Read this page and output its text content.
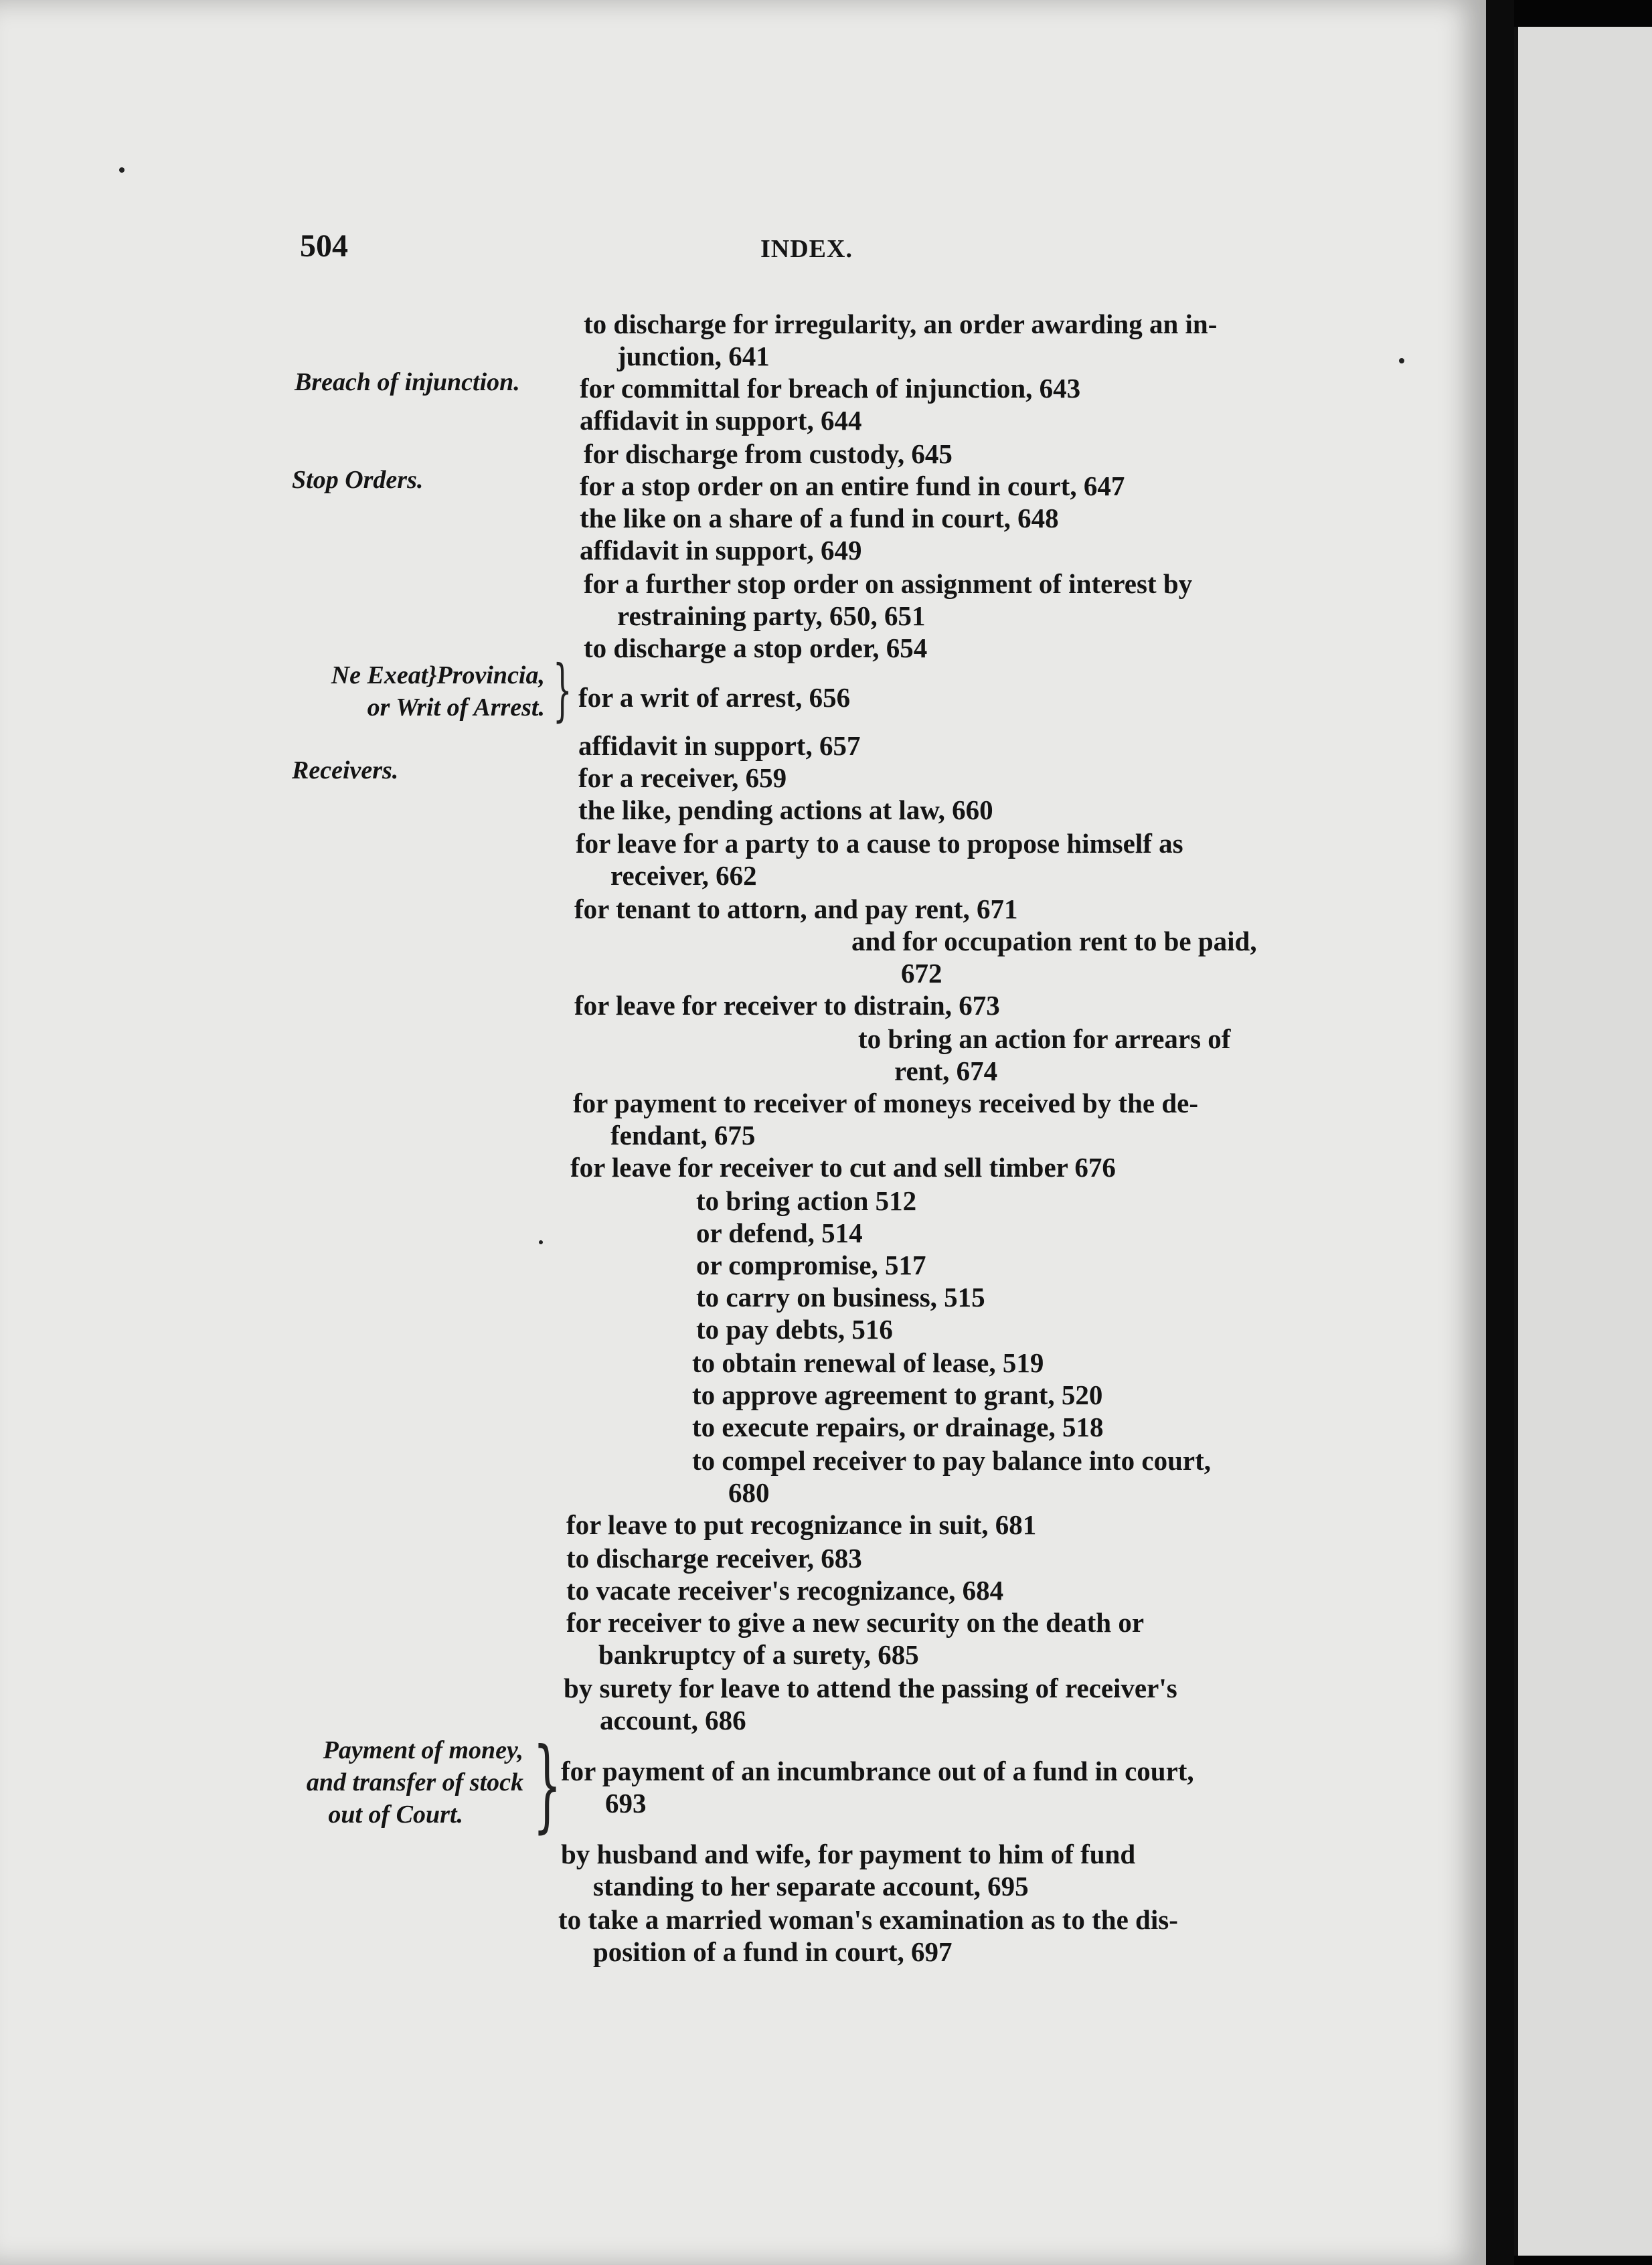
504	INDEX.
Breach of injunction.
Stop Orders.
Ne Exeat}Provincia,
or Writ of Arrest. }
Receivers.
Payment of money,
and transfer of stock
out of Court. }
to discharge for irregularity, an order awarding an in-
junction, 641
for committal for breach of injunction, 643
affidavit in support, 644
for discharge from custody, 645
for a stop order on an entire fund in court, 647
the like on a share of a fund in court, 648
affidavit in support, 649
for a further stop order on assignment of interest by
restraining party, 650, 651
to discharge a stop order, 654
for a writ of arrest, 656
affidavit in support, 657
for a receiver, 659
the like, pending actions at law, 660
for leave for a party to a cause to propose himself as
receiver, 662
for tenant to attorn, and pay rent, 671
and for occupation rent to be paid,
672
for leave for receiver to distrain, 673
to bring an action for arrears of
rent, 674
for payment to receiver of moneys received by the de-
fendant, 675
for leave for receiver to cut and sell timber 676
to bring action 512
or defend, 514
or compromise, 517
to carry on business, 515
to pay debts, 516
to obtain renewal of lease, 519
to approve agreement to grant, 520
to execute repairs, or drainage, 518
to compel receiver to pay balance into court,
680
for leave to put recognizance in suit, 681
to discharge receiver, 683
to vacate receiver's recognizance, 684
for receiver to give a new security on the death or
bankruptcy of a surety, 685
by surety for leave to attend the passing of receiver's
account, 686
for payment of an incumbrance out of a fund in court,
693
by husband and wife, for payment to him of fund
standing to her separate account, 695
to take a married woman's examination as to the dis-
position of a fund in court, 697
